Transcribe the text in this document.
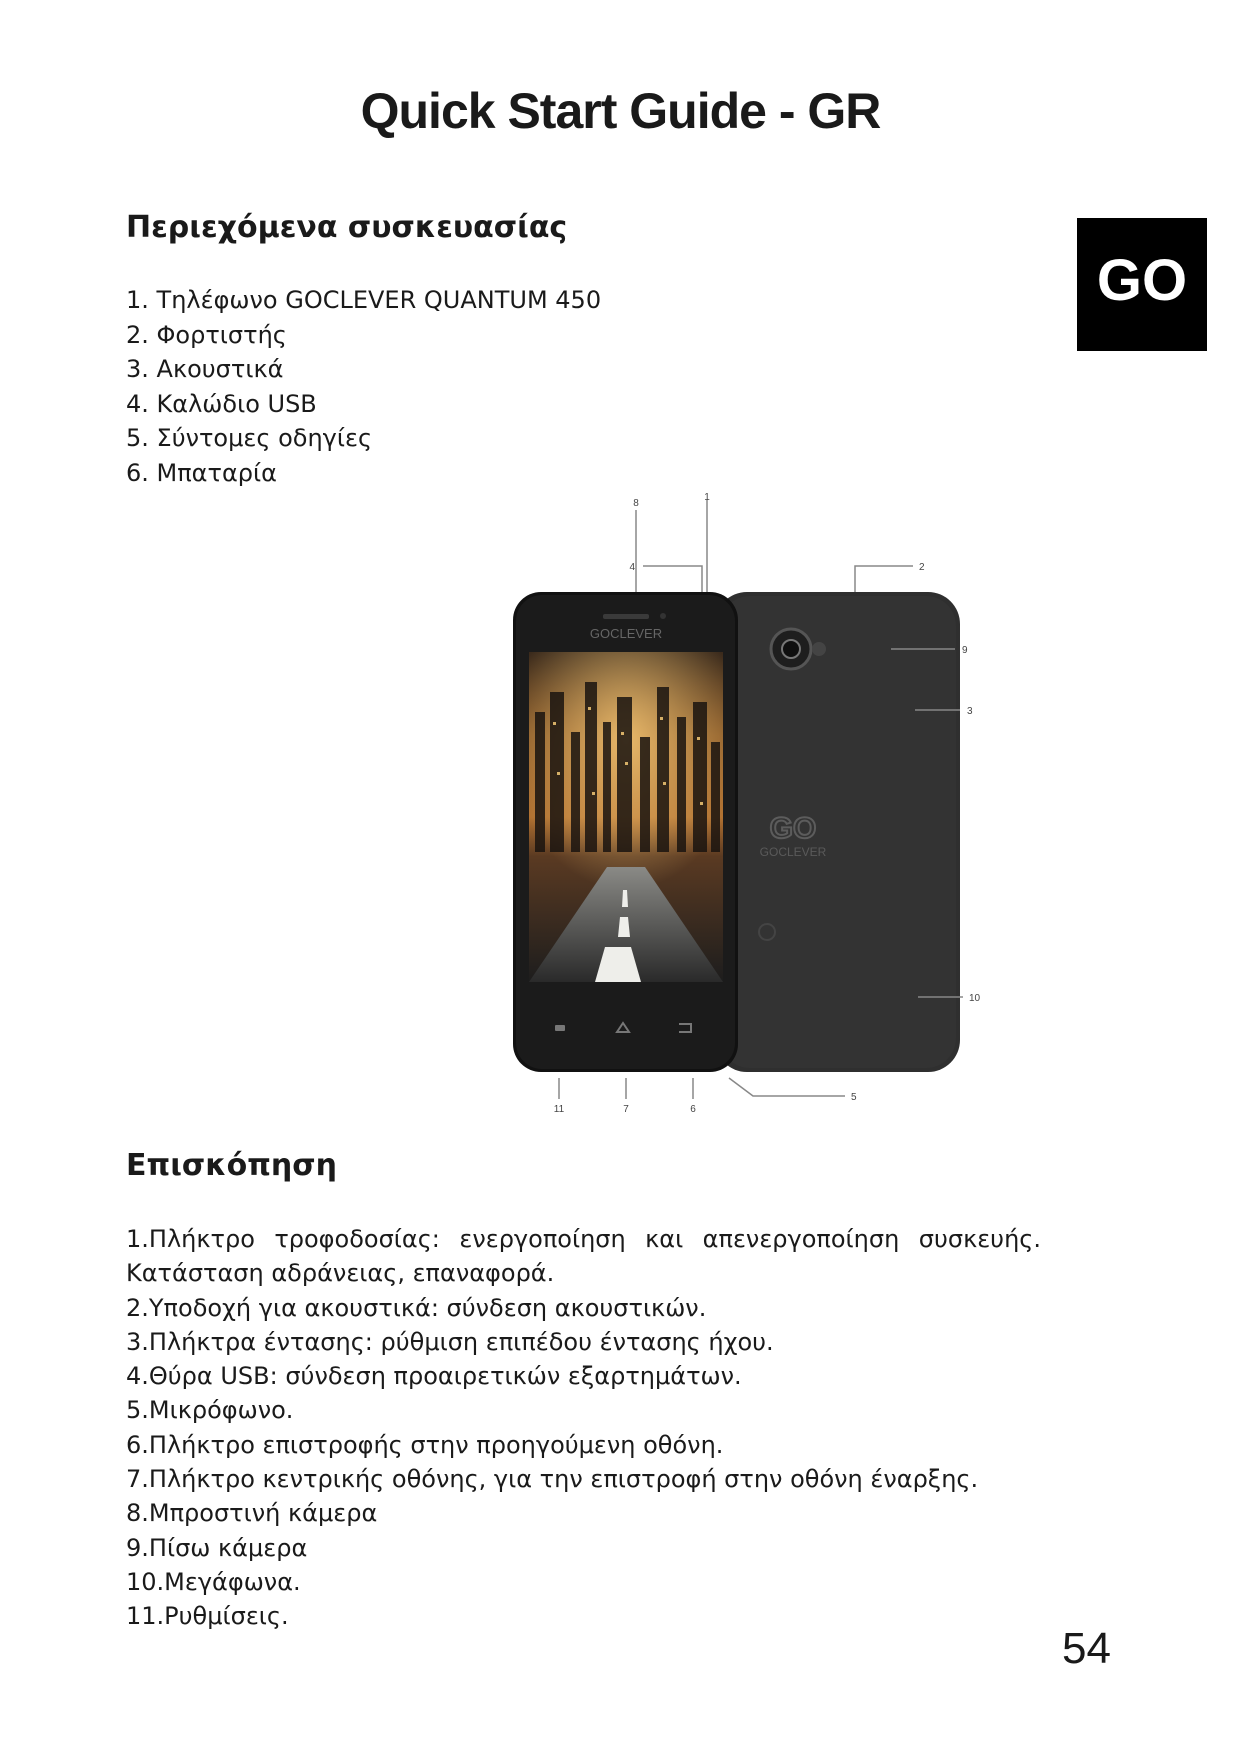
Quick Start Guide - GR
Περιεχόμενα συσκευασίας
1. Τηλέφωνο GOCLEVER QUANTUM 450
2. Φορτιστής
3. Ακουστικά
4. Καλώδιο USB
5. Σύντομες οδηγίες
6. Μπαταρία
GO
GO
GOCLEVER
GOCLEVER
8
1
4	2
9
3
10
5
11	7	6
Επισκόπηση

1.Πλήκτρο τροφοδοσίας: ενεργοποίηση και απενεργοποίηση συσκευής.

Κατάσταση αδράνειας, επαναφορά.

2.Υποδοχή για ακουστικά: σύνδεση ακουστικών.

3.Πλήκτρα έντασης: ρύθμιση επιπέδου έντασης ήχου.

4.Θύρα USB: σύνδεση προαιρετικών εξαρτημάτων.

5.Μικρόφωνο.

6.Πλήκτρο επιστροφής στην προηγούμενη οθόνη.

7.Πλήκτρο κεντρικής οθόνης, για την επιστροφή στην οθόνη έναρξης.

8.Μπροστινή κάμερα

9.Πίσω κάμερα

10.Μεγάφωνα.

11.Ρυθμίσεις.

54
